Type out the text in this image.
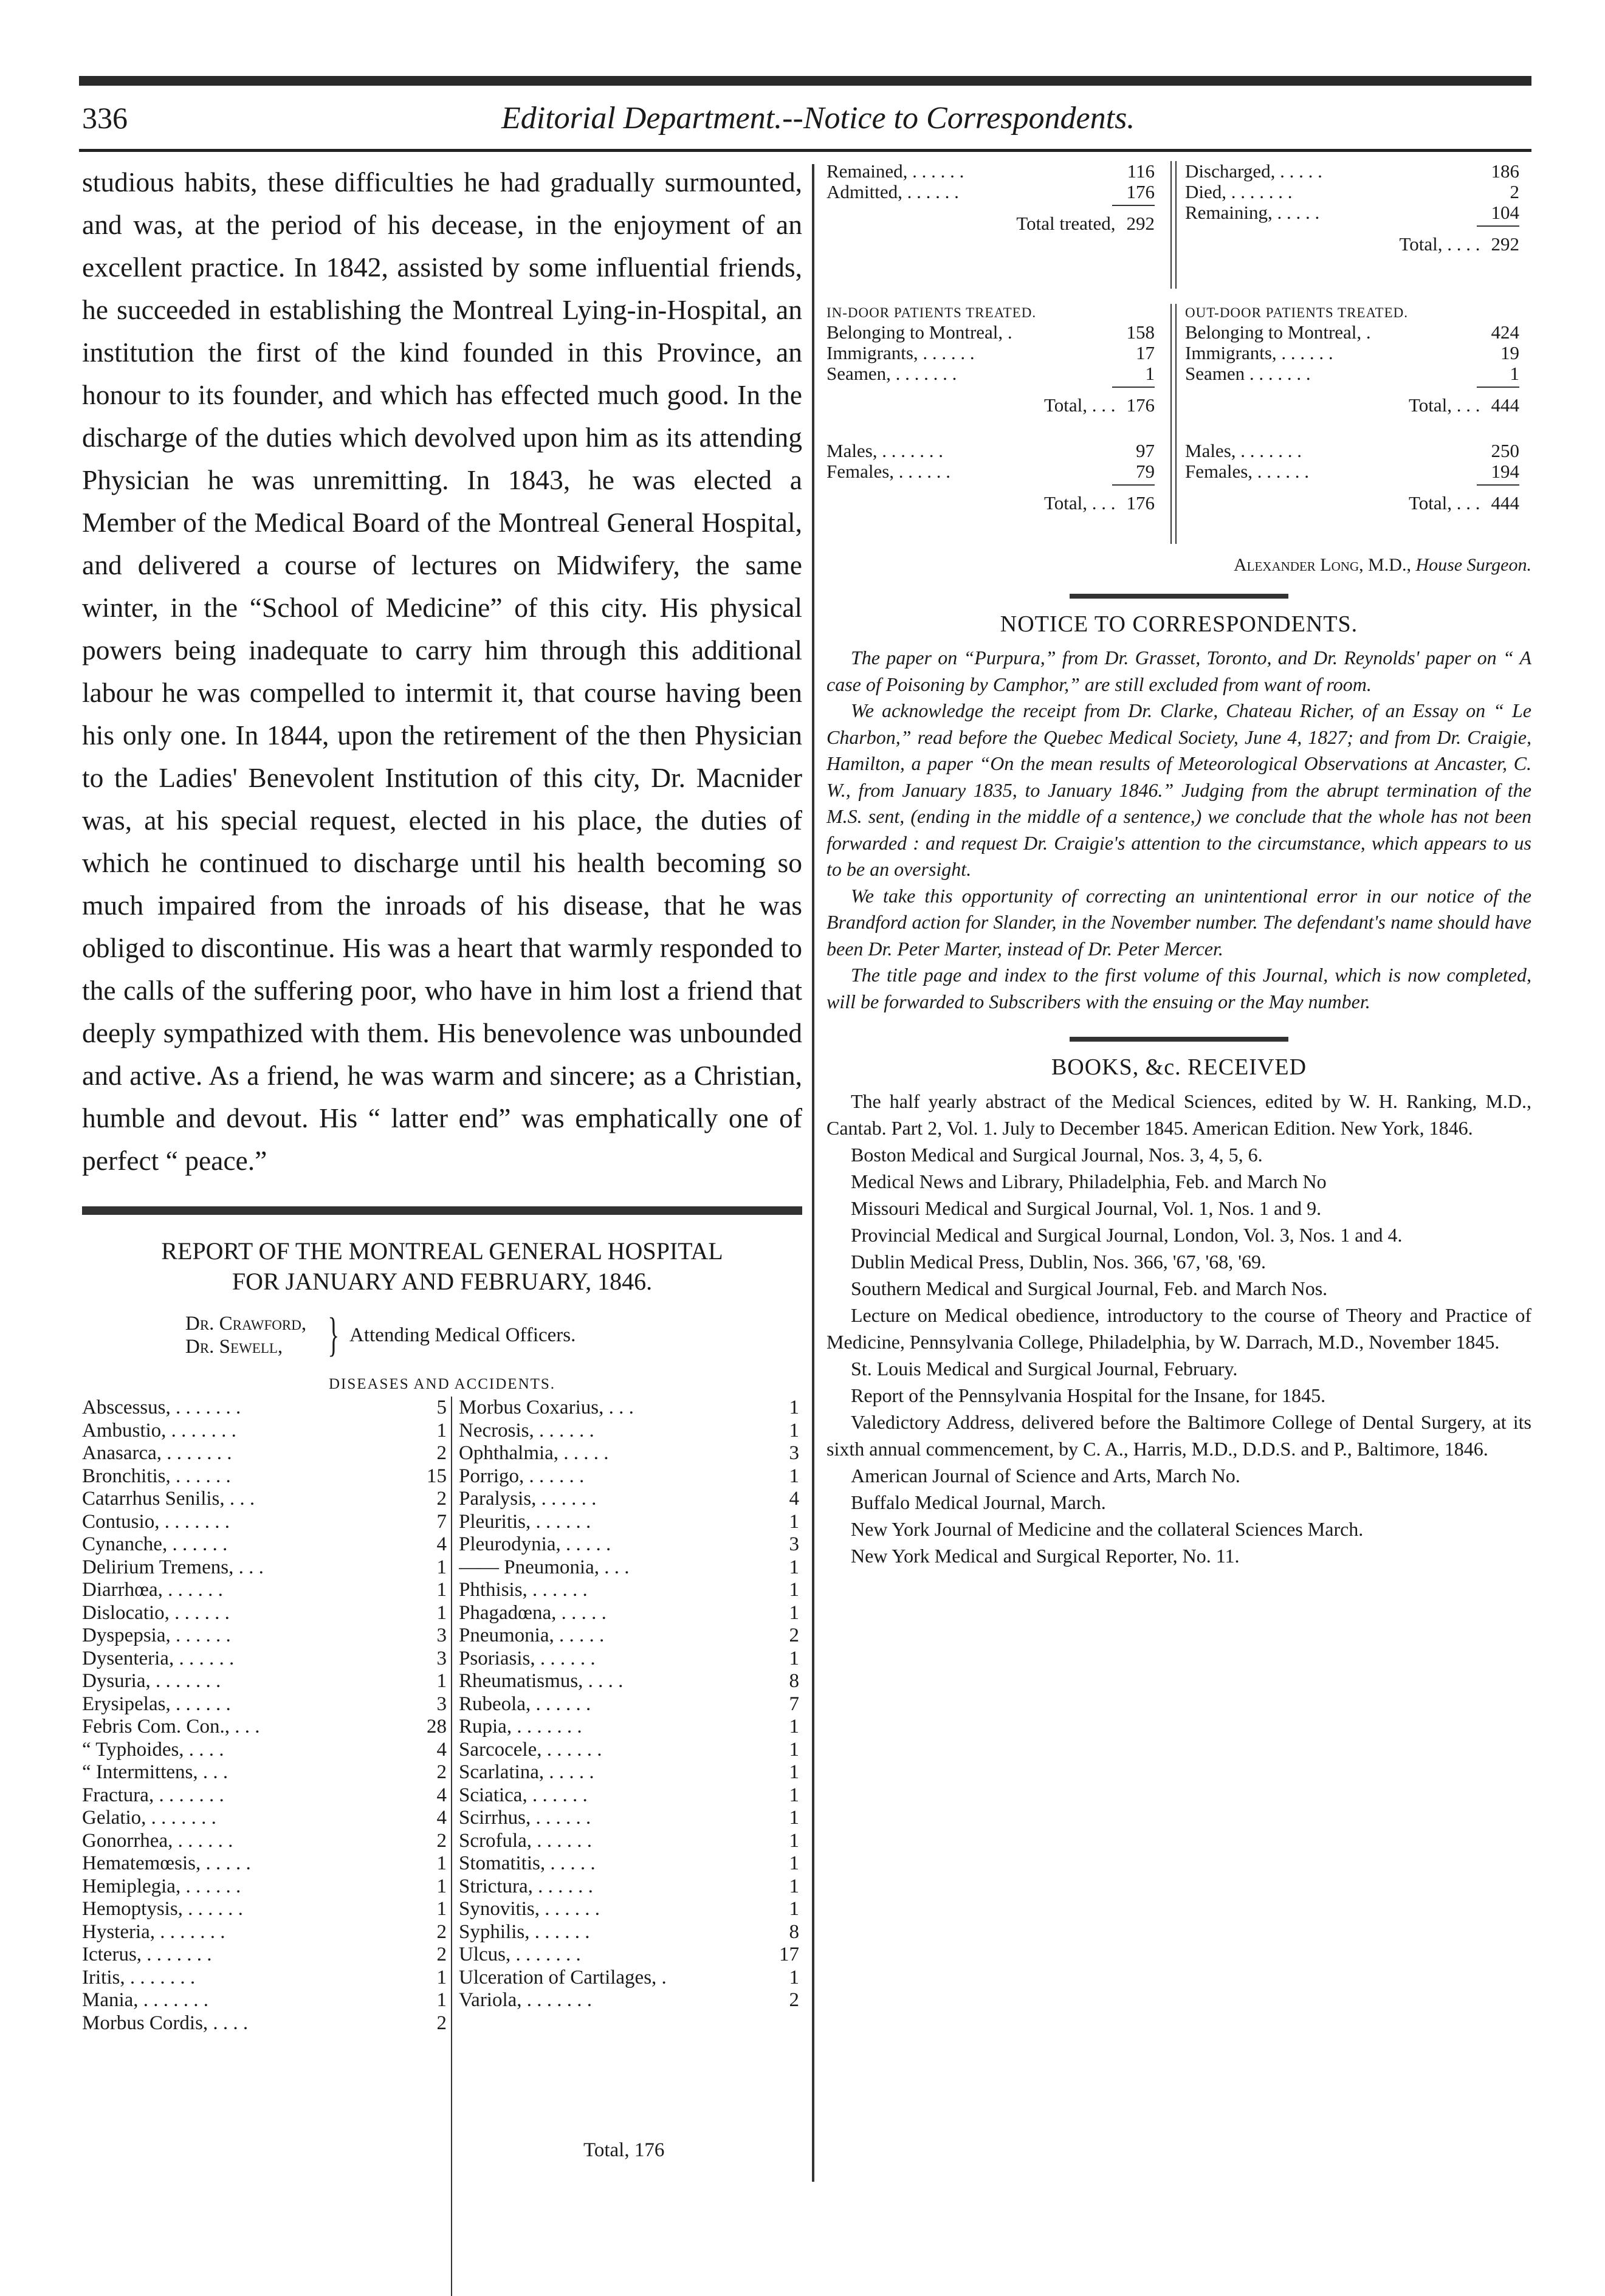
336	Editorial Department.--Notice to Correspondents.

studious habits, these difficulties he had gradually surmounted, and was, at the period of his decease, in the enjoyment of an excellent practice. In 1842, assisted by some influential friends, he succeeded in establishing the Montreal Lying-in-Hospital, an institution the first of the kind founded in this Province, an honour to its founder, and which has effected much good. In the discharge of the duties which devolved upon him as its attending Physician he was unremitting. In 1843, he was elected a Member of the Medical Board of the Montreal General Hospital, and delivered a course of lectures on Midwifery, the same winter, in the “School of Medicine” of this city. His physical powers being inadequate to carry him through this additional labour he was compelled to intermit it, that course having been his only one. In 1844, upon the retirement of the then Physician to the Ladies' Benevolent Institution of this city, Dr. Macnider was, at his special request, elected in his place, the duties of which he continued to discharge until his health becoming so much impaired from the inroads of his disease, that he was obliged to discontinue. His was a heart that warmly responded to the calls of the suffering poor, who have in him lost a friend that deeply sympathized with them. His benevolence was unbounded and active. As a friend, he was warm and sincere; as a Christian, humble and devout. His “ latter end” was emphatically one of perfect “ peace.”

REPORT OF THE MONTREAL GENERAL HOSPITAL

FOR JANUARY AND FEBRUARY, 1846.

Dr. Crawford,
Dr. Sewell, } Attending Medical Officers.

DISEASES AND ACCIDENTS.

Abscessus, . . . . . . .	5
Ambustio, . . . . . . .	1
Anasarca, . . . . . . .	2
Bronchitis, . . . . . .	15
Catarrhus Senilis, . . .	2
Contusio, . . . . . . .	7
Cynanche, . . . . . .	4
Delirium Tremens, . . .	1
Diarrhœa, . . . . . .	1
Dislocatio, . . . . . .	1
Dyspepsia, . . . . . .	3
Dysenteria, . . . . . .	3
Dysuria, . . . . . . .	1
Erysipelas, . . . . . .	3
Febris Com. Con., . . .	28
“ Typhoides, . . . .	4
“ Intermittens, . . .	2
Fractura, . . . . . . .	4
Gelatio, . . . . . . .	4
Gonorrhea, . . . . . .	2
Hematemœsis, . . . . .	1
Hemiplegia, . . . . . .	1
Hemoptysis, . . . . . .	1
Hysteria, . . . . . . .	2
Icterus, . . . . . . .	2
Iritis, . . . . . . .	1
Mania, . . . . . . .	1
Morbus Cordis, . . . .	2
Morbus Coxarius, . . .	1
Necrosis, . . . . . .	1
Ophthalmia, . . . . .	3
Porrigo, . . . . . .	1
Paralysis, . . . . . .	4
Pleuritis, . . . . . .	1
Pleurodynia, . . . . .	3
—— Pneumonia, . . .	1
Phthisis, . . . . . .	1
Phagadœna, . . . . .	1
Pneumonia, . . . . .	2
Psoriasis, . . . . . .	1
Rheumatismus, . . . .	8
Rubeola, . . . . . .	7
Rupia, . . . . . . .	1
Sarcocele, . . . . . .	1
Scarlatina, . . . . .	1
Sciatica, . . . . . .	1
Scirrhus, . . . . . .	1
Scrofula, . . . . . .	1
Stomatitis, . . . . .	1
Strictura, . . . . . .	1
Synovitis, . . . . . .	1
Syphilis, . . . . . .	8
Ulcus, . . . . . . .	17
Ulceration of Cartilages, .	1
Variola, . . . . . . .	2
Total, 176
Remained, . . . . . .	116
Admitted, . . . . . .	176
Total treated, 292
Discharged, . . . . .	186
Died, . . . . . . .	2
Remaining, . . . . .	104
Total, . . . . 292
IN-DOOR PATIENTS TREATED.
Belonging to Montreal, .	158
Immigrants, . . . . . .	17
Seamen, . . . . . . .	1
Total, . . . 176
OUT-DOOR PATIENTS TREATED.
Belonging to Montreal, .	424
Immigrants, . . . . . .	19
Seamen . . . . . . .	1
Total, . . . 444
Males, . . . . . . .	97
Females, . . . . . .	79
Total, . . . 176
Males, . . . . . . .	250
Females, . . . . . .	194
Total, . . . 444

Alexander Long, M.D., House Surgeon.

NOTICE TO CORRESPONDENTS.

The paper on “Purpura,” from Dr. Grasset, Toronto, and Dr. Reynolds' paper on “ A case of Poisoning by Camphor,” are still excluded from want of room.

We acknowledge the receipt from Dr. Clarke, Chateau Richer, of an Essay on “ Le Charbon,” read before the Quebec Medical Society, June 4, 1827; and from Dr. Craigie, Hamilton, a paper “On the mean results of Meteorological Observations at Ancaster, C. W., from January 1835, to January 1846.” Judging from the abrupt termination of the M.S. sent, (ending in the middle of a sentence,) we conclude that the whole has not been forwarded : and request Dr. Craigie's attention to the circumstance, which appears to us to be an oversight.

We take this opportunity of correcting an unintentional error in our notice of the Brandford action for Slander, in the November number. The defendant's name should have been Dr. Peter Marter, instead of Dr. Peter Mercer.

The title page and index to the first volume of this Journal, which is now completed, will be forwarded to Subscribers with the ensuing or the May number.

BOOKS, &c. RECEIVED

The half yearly abstract of the Medical Sciences, edited by W. H. Ranking, M.D., Cantab. Part 2, Vol. 1. July to December 1845. American Edition. New York, 1846.

Boston Medical and Surgical Journal, Nos. 3, 4, 5, 6.

Medical News and Library, Philadelphia, Feb. and March No

Missouri Medical and Surgical Journal, Vol. 1, Nos. 1 and 9.

Provincial Medical and Surgical Journal, London, Vol. 3, Nos. 1 and 4.

Dublin Medical Press, Dublin, Nos. 366, '67, '68, '69.

Southern Medical and Surgical Journal, Feb. and March Nos.

Lecture on Medical obedience, introductory to the course of Theory and Practice of Medicine, Pennsylvania College, Philadelphia, by W. Darrach, M.D., November 1845.

St. Louis Medical and Surgical Journal, February.

Report of the Pennsylvania Hospital for the Insane, for 1845.

Valedictory Address, delivered before the Baltimore College of Dental Surgery, at its sixth annual commencement, by C. A., Harris, M.D., D.D.S. and P., Baltimore, 1846.

American Journal of Science and Arts, March No.

Buffalo Medical Journal, March.

New York Journal of Medicine and the collateral Sciences March.

New York Medical and Surgical Reporter, No. 11.
